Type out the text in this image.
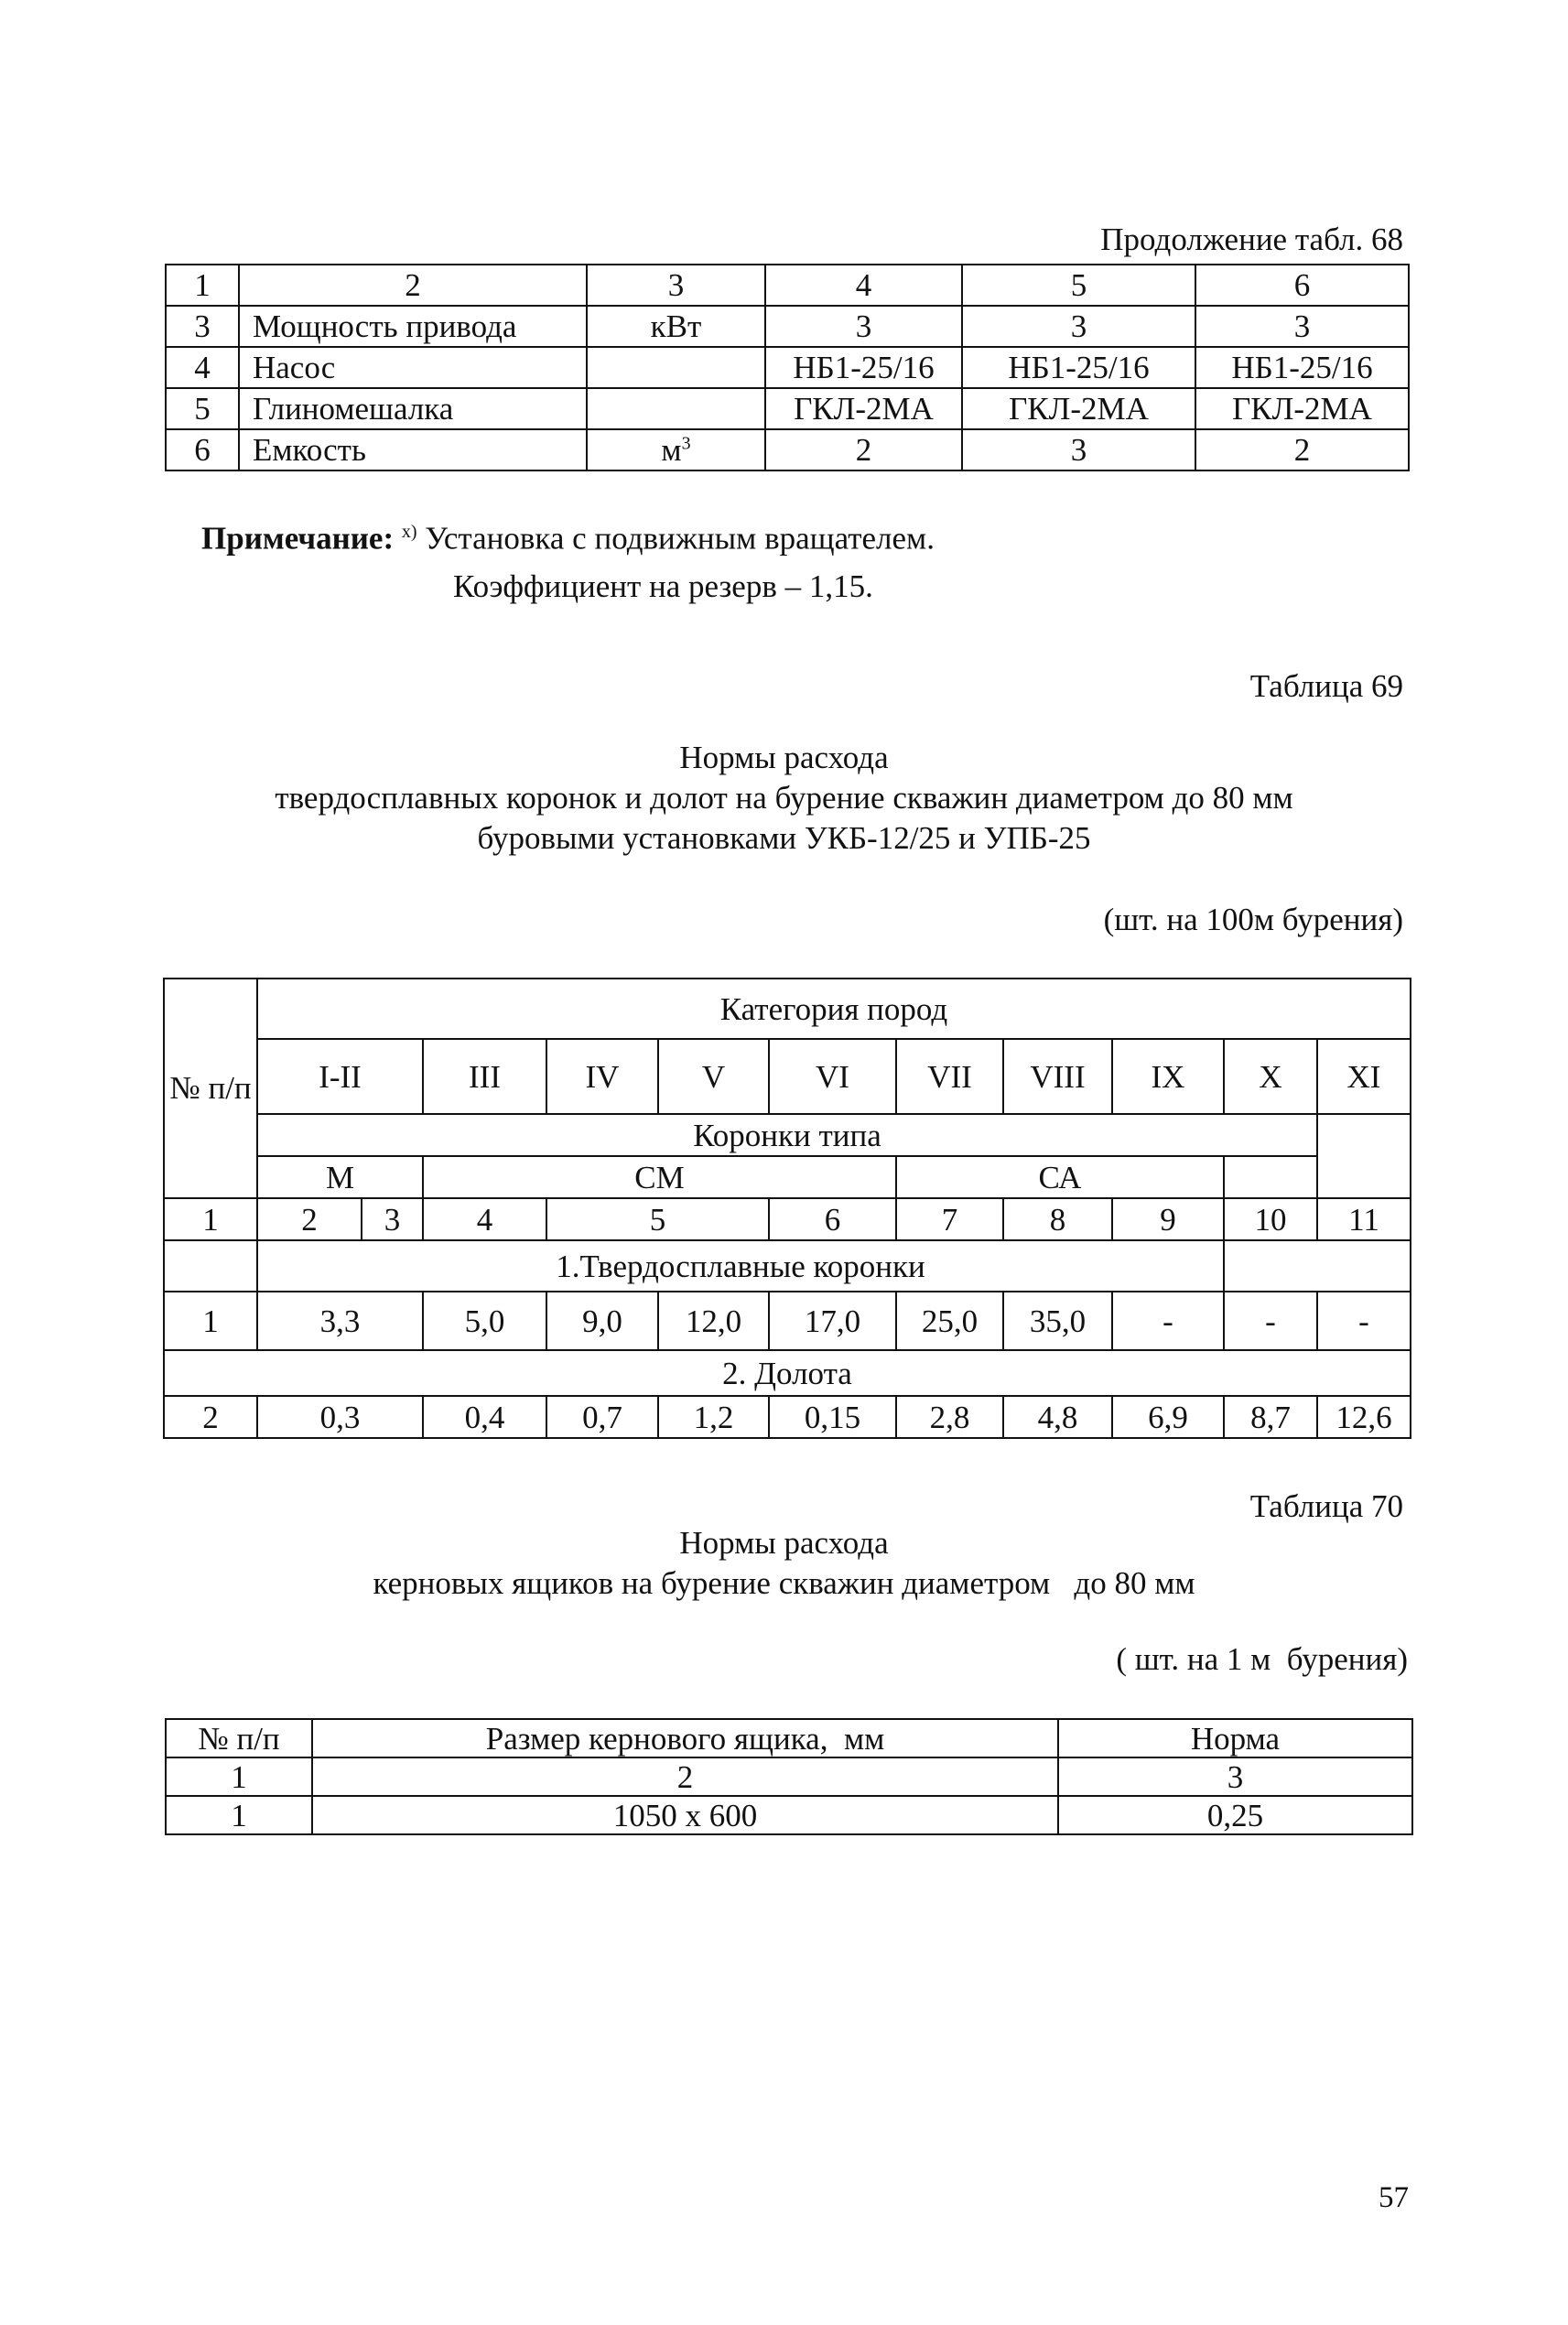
Продолжение табл. 68
1	2	3	4	5	6
3	Мощность привода	кВт	3	3	3
4	Насос		НБ1-25/16	НБ1-25/16	НБ1-25/16
5	Глиномешалка		ГКЛ-2МА	ГКЛ-2МА	ГКЛ-2МА
6	Емкость	$м^3$	2	3	2
Примечание: $^{х)}$ Установка с подвижным вращателем.
Коэффициент на резерв – 1,15.
Таблица 69
Нормы расхода
твердосплавных коронок и долот на бурение скважин диаметром до 80 мм
буровыми установками УКБ-12/25 и УПБ-25
(шт. на 100м бурения)
№ п/п	Категория пород										
	I-II		III	IV	V	VI	VII	VIII	IX	X	XI
	Коронки типа										
	М		СМ				СА				
1	2	3	4	5		6	7	8	9	10	11
	1.Твердосплавные коронки										
1	3,3		5,0	9,0	12,0	17,0	25,0	35,0	-	-	-
2. Долота											
2	0,3		0,4	0,7	1,2	0,15	2,8	4,8	6,9	8,7	12,6
Таблица 70
Нормы расхода
керновых ящиков на бурение скважин диаметром   до 80 мм
( шт. на 1 м  бурения)
№ п/п	Размер кернового ящика,  мм	Норма
1	2	3
1	1050 х 600	0,25
57
